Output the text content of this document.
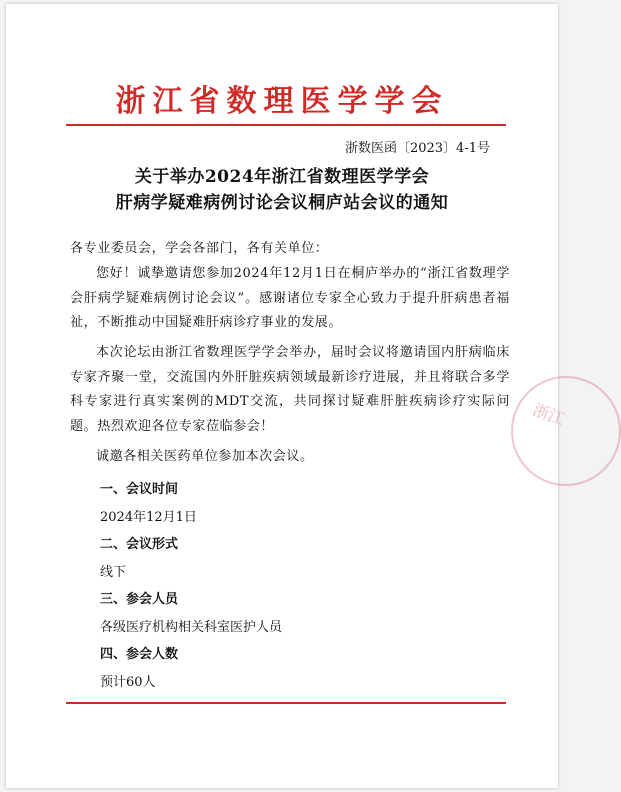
浙江省数理医学学会
浙数医函〔2023〕4-1号
关于举办2024年浙江省数理医学学会
肝病学疑难病例讨论会议桐庐站会议的通知
各专业委员会，学会各部门，各有关单位：
您好！诚挚邀请您参加2024年12月1日在桐庐举办的“浙江省数理学会肝病学疑难病例讨论会议”。感谢诸位专家全心致力于提升肝病患者福祉，不断推动中国疑难肝病诊疗事业的发展。
本次论坛由浙江省数理医学学会举办，届时会议将邀请国内肝病临床专家齐聚一堂，交流国内外肝脏疾病领域最新诊疗进展，并且将联合多学科专家进行真实案例的MDT交流，共同探讨疑难肝脏疾病诊疗实际问题。热烈欢迎各位专家莅临参会！
诚邀各相关医药单位参加本次会议。
一、会议时间
2024年12月1日
二、会议形式
线下
三、参会人员
各级医疗机构相关科室医护人员
四、参会人数
预计60人
浙江
